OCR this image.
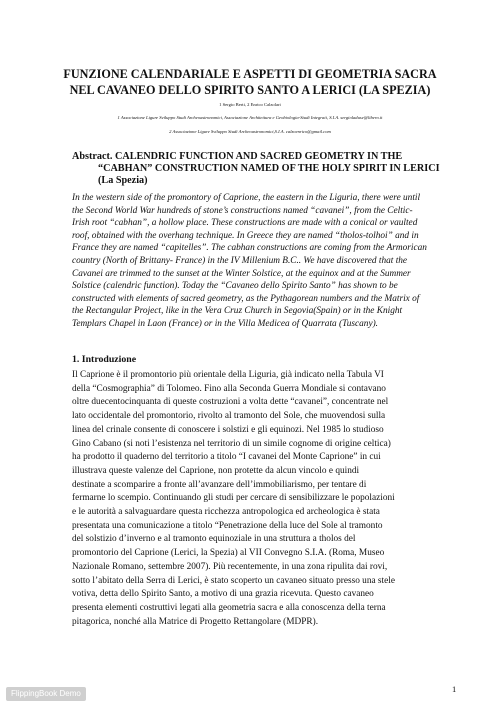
FUNZIONE CALENDARIALE E ASPETTI DI GEOMETRIA SACRA
NEL CAVANEO DELLO SPIRITO SANTO A LERICI (LA SPEZIA)
1 Sergio Berti, 2 Enrico Calzolari
1 Associazione Ligure Sviluppo Studi Archeoastronomici, Associazione Architettura e Geobiologia-Studi Integrati, S.I.A. sergioladuse@libero.it
2 Associazione Ligure Sviluppo Studi Archeoastronomici,S.I.A. calzoenrico@gmail.com
Abstract. CALENDRIC FUNCTION AND SACRED GEOMETRY IN THE
“CABHAN” CONSTRUCTION NAMED OF THE HOLY SPIRIT IN LERICI
(La Spezia)
In the western side of the promontory of Caprione, the eastern in the Liguria, there were until
the Second World War hundreds of stone’s constructions named “cavanei”, from the Celtic-
Irish root “cabhan”, a hollow place. These constructions are made with a conical or vaulted
roof, obtained with the overhang technique. In Greece they are named “tholos-tolhoi” and in
France they are named “capitelles”. The cabhan constructions are coming from the Armorican
country (North of Brittany- France) in the IV Millenium B.C.. We have discovered that the
Cavanei are trimmed to the sunset at the Winter Solstice, at the equinox and at the Summer
Solstice (calendric function). Today the “Cavaneo dello Spirito Santo” has shown to be
constructed with elements of sacred geometry, as the Pythagorean numbers and the Matrix of
the Rectangular Project, like in the Vera Cruz Church in Segovia(Spain) or in the Knight
Templars Chapel in Laon (France) or in the Villa Medicea of Quarrata (Tuscany).
1. Introduzione
Il Caprione è il promontorio più orientale della Liguria, già indicato nella Tabula VI
della “Cosmographia” di Tolomeo. Fino alla Seconda Guerra Mondiale si contavano
oltre duecentocinquanta di queste costruzioni a volta dette “cavanei”, concentrate nel
lato occidentale del promontorio, rivolto al tramonto del Sole, che muovendosi sulla
linea del crinale consente di conoscere i solstizi e gli equinozi. Nel 1985 lo studioso
Gino Cabano (si noti l’esistenza nel territorio di un simile cognome di origine celtica)
ha prodotto il quaderno del territorio a titolo “I cavanei del Monte Caprione” in cui
illustrava queste valenze del Caprione, non protette da alcun vincolo e quindi
destinate a scomparire a fronte all’avanzare dell’immobiliarismo, per tentare di
fermarne lo scempio. Continuando gli studi per cercare di sensibilizzare le popolazioni
e le autorità a salvaguardare questa ricchezza antropologica ed archeologica è stata
presentata una comunicazione a titolo “Penetrazione della luce del Sole al tramonto
del solstizio d’inverno e al tramonto equinoziale in una struttura a tholos del
promontorio del Caprione (Lerici, la Spezia) al VII Convegno S.I.A. (Roma, Museo
Nazionale Romano, settembre 2007). Più recentemente, in una zona ripulita dai rovi,
sotto l’abitato della Serra di Lerici, è stato scoperto un cavaneo situato presso una stele
votiva, detta dello Spirito Santo, a motivo di una grazia ricevuta. Questo cavaneo
presenta elementi costruttivi legati alla geometria sacra e alla conoscenza della terna
pitagorica, nonché alla Matrice di Progetto Rettangolare (MDPR).
1
FlippingBook Demo
